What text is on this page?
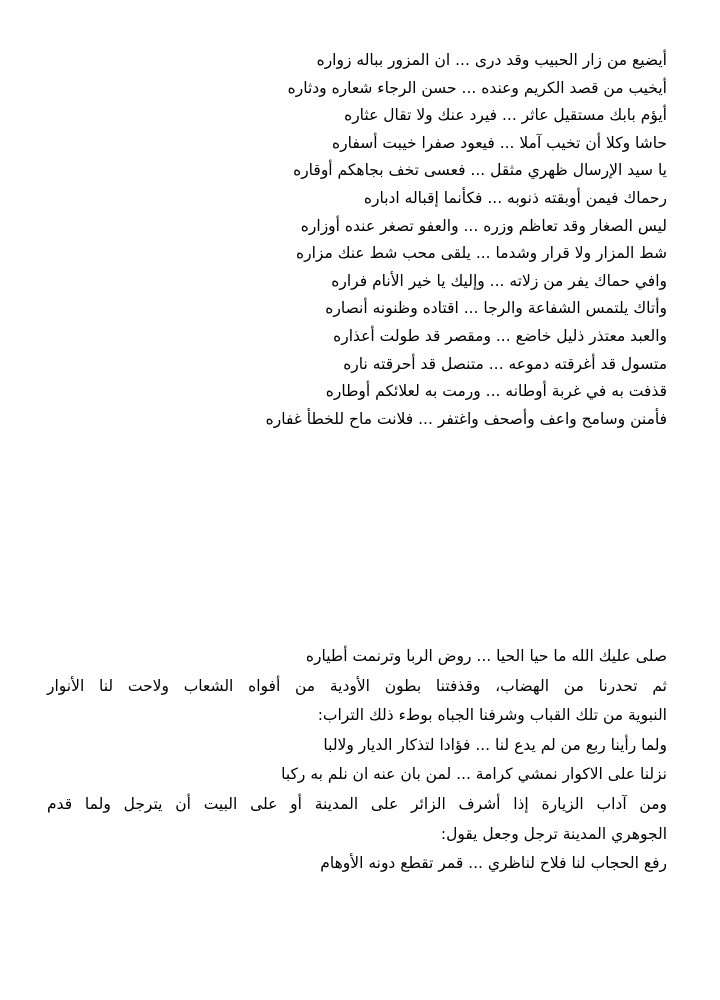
أيضيع من زار الحبيب وقد درى ... ان المزور بباله زواره
أيخيب من قصد الكريم وعنده ... حسن الرجاء شعاره ودثاره
أيؤم بابك مستقيل عاثر ... فيرد عنك ولا تقال عثاره
حاشا وكلا أن تخيب آملا ... فيعود صفرا خيبت أسفاره
يا سيد الإرسال ظهري مثقل ... فعسى تخف بجاهكم أوقاره
رحماك فيمن أوبقته ذنوبه ... فكأنما إقباله ادباره
ليس الصغار وقد تعاظم وزره ... والعفو تصغر عنده أوزاره
شط المزار ولا قرار وشدما ... يلقى محب شط عنك مزاره
وافي حماك يفر من زلاته ... وإليك يا خير الأنام فراره
وأتاك يلتمس الشفاعة والرجا ... اقتاده وظنونه أنصاره
والعبد معتذر ذليل خاضع ... ومقصر قد طولت أعذاره
متسول قد أغرقته دموعه ... متنصل قد أحرقته ناره
قذفت به في غربة أوطانه ... ورمت به لعلائكم أوطاره
فأمنن وسامح واعف وأصحف واغتفر ... فلانت ماح للخطأ غفاره
صلى عليك الله ما حيا الحيا ... روض الربا وترنمت أطياره
ثم تحدرنا من الهضاب، وقذفتنا بطون الأودية من أفواه الشعاب ولاحت لنا الأنوار
النبوية من تلك القباب وشرفنا الجباه بوطء ذلك التراب:
ولما رأينا ربع من لم يدع لنا ... فؤادا لتذكار الديار ولالبا
نزلنا على الاكوار نمشي كرامة ... لمن بان عنه ان نلم به ركبا
ومن آداب الزيارة إذا أشرف الزائر على المدينة أو على البيت أن يترجل ولما قدم
الجوهري المدينة ترجل وجعل يقول:
رفع الحجاب لنا فلاح لناظري ... قمر تقطع دونه الأوهام
